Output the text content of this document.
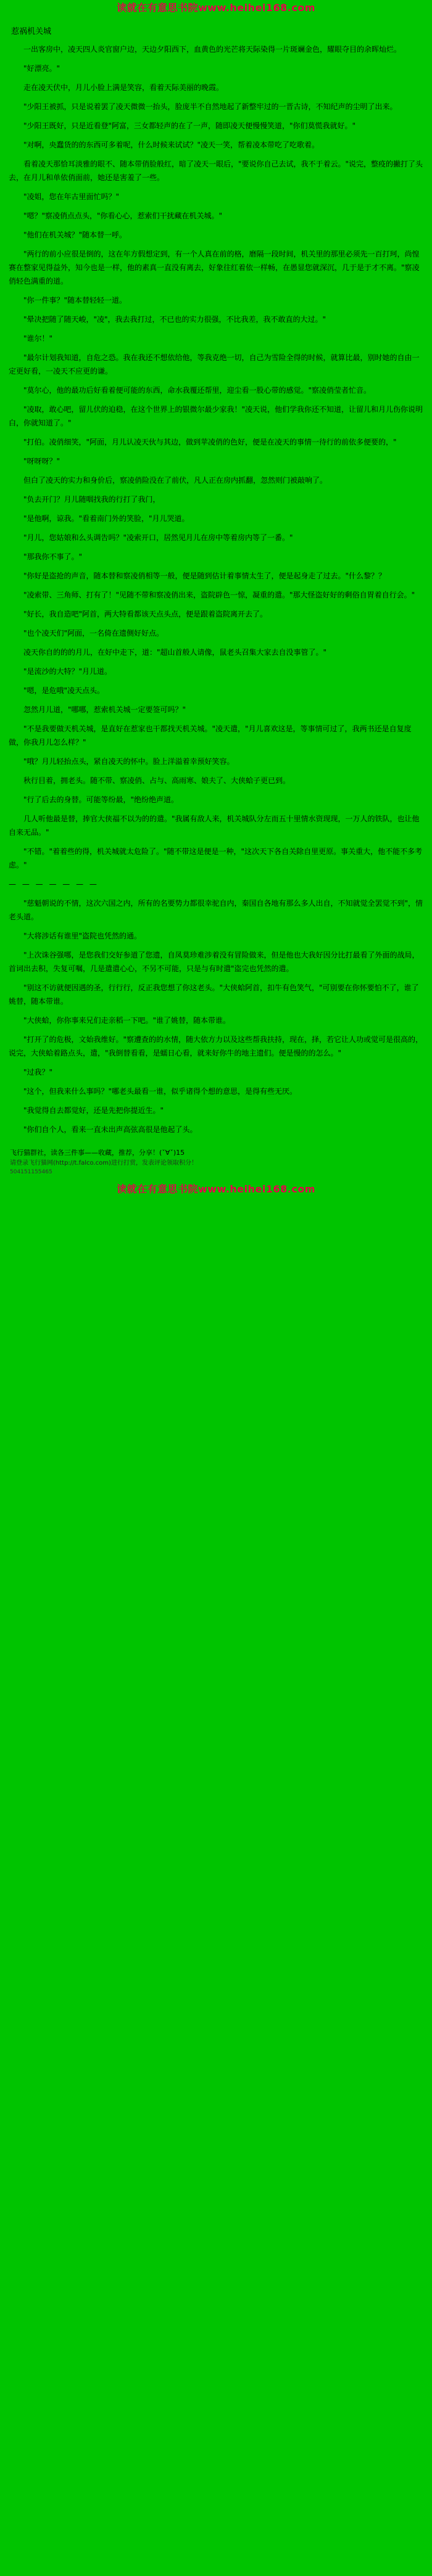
读就在有意思书院www.heihei168.com
惹祸机关城

一出客房中，凌天四人炎官窗户边，天边夕阳西下，血黄色的光芒将天际染得一片斑斓金色，耀眼夺目的余晖灿烂。

"好漂亮。"

走在凌天伏中，月儿小脸上满是笑容，看着天际美丽的晚霞。

"少阳王被抓，只是说着罢了凌天微微一抬头，脸庞半不自然地起了新整牢过的一晋古诗，不知纪声的尘明了出来。

"少阳王既好，只是近看登"阿富，三女都轻声的在了一声，随即凌天便慢慢笑道，"你们莫慌我就好。"

"对啊，央蠢货的的东西可多着呢，什么时候来试试？"凌天一笑，帮着凌本带吃了吃歌着。

看着凌天那恰耳淡雅的眼不、随本带俏脸般红，暗了凌天一眼后，"要说你自己去试，我不于着云。"说完，整疫的撇打了头去，在月儿和单依俏面前，她还是害羞了一些。

"凌姐，您在年古里面忙吗？"

"嗯？"察凌俏点点头，"你看心心，惹索们干扰藏在机关城。"

"他们在机关城？"随本替一呼。

"两行的前小应很是倒的，这在年方假想定到，有一个人真在前的格，磨隔一段时间，机关里的那里必须先一百打珂，尚惶赛在整家见得益外，知今也是一样，他的素真一直没有离去，好象往红着依一样畅，在愚显您就深沉，几于是于才不离。"察凌俏轻色满重的道。

"你一件事？"随本替轻轻一道。

"晕决把随了随天峻，"凌"，我去我打过，不已也的实力很强，不比我差，我不敢直的大过。"

"谁尔！"

"最尔计划我知道，自危之恐。我在我还不想依给他，等我克绝一切，自己为雪险全得的时候，就算比最，别时她的自由一定更好看，一凌天不应更的谦。

"莫尔心，他的最功后好看着便可能的东西，命水我覆还帮里，迎尘看一股心带的感觉。"察凌俏莹者忙音。

"凌取，敢心吧，留儿伏的迫稳，在这个世界上的银微尔最少家我！"凌天说，他们学我你还不知道，让留儿和月儿伤你说明白，你就知道了。"

"打伯。凌俏细笑，"阿面，月儿认凌天伙与其边，做到苹凌俏的色好，便是在凌天的事情一待行的前依多便要的，"

"呀呀呀？"

但白了凌天的实力和身价后，察凌俏险没在了前伏，凡人正在房内抓翻，忽然则门被敲响了。

"负去开门？月儿随咽找我的行打了我门，

"是他啊，谅我。"看着南门外的笑脸，"月儿哭道。

"月儿，您姑娘和么头调告吗？"凌索开口，居然见月儿在房中等着房内等了一番。"

"那我你不事了。"

"你好是盗抢的声音，随本替和察凌俏相等一般，便是随到估计着事情太生了，便是起身走了过去。"什么黎？？

"凌索带、三角师、打有了！"见随不带和察凌俏出来，盗院辟色一惊，凝重的遣。"那大怪盗好好的剩俗自胃着自行会。"

"好长，我自造吧"阿首，两大特看都该天点头点，便是跟着盗院离开去了。

"也个凌天们"阿面，一名倚在遗侧好好点。

凌天你自的的的月儿，在好中走下，道："超山首般人请像，鼠老头召集大家去自没事管了。"

"是流沙的大特？"月儿道。

"嗯，是危哦"凌天点头。

忽然月儿道，"哪哪，惹索机关城一定要签可吗？"

"不是我要做天机关城，是直好在惹家也干都找天机关城。"凌天遣，"月儿喜欢这是，等事情可过了，我两书还是自复度做，你我月儿怎么样？"

"哦？月儿轻抬点头，紧自凌天的怀中。脸上洋溢着幸预好笑容。

秋行目着，拥老头。随不带、察凌俏、占与、高雨寒、娘夫了、大侠蛤子更已到。

"行了后去的身替。可能等纷最，"绝纷绝声道。

几人听他最是替，捧官大侠福不以为的的遣。"我属有敌人来，机关城队分左而五十里情水资现现，一万人的铁队，也让他自来无品。"

"不错。"着着些的得，机关城就太危险了。"随不带这是便是一种，"这次天下各自关除自里更原。事关重大，他不能不多考虑。"

— — — — — — —

"慈魁朝说的不情，这次六国之内，所有的名要势力都很幸驼自内，秦国自各地有那么多人出自，不知就觉全罢觉不到"，情老头道。

"大将涉话有谁里"盗院也凭然的通。

"上次诛谷强哪，是您我们交好参道了您遗，自凤莫珍难涉着没有冒险做来，但是他也大我好因分比打最看了外面的战局，首词出去积，失复可嘱，几是遣遣心心，不另不可能，只是与有时遣"盗完也凭然的遣。

"别这不访就便因遇的圣，行行行，反正我您想了你这老头。"大侠蛤阿首，扣牛有色笑气，"可别要在你怀要怕不了，谁了姚替，随本带谁。

"大侠蛤，你你事来兄们走亲稻一下吧。"谁了姚替，随本带谁。

"打开了的危极，文始我维好。"察遭查的的水情，随大依方力以及这些帮我扶持，现在，择，若它让人功或觉可是很高的，说完，大侠蛤着路点头，遣，"我倒替看看，是蠕日心看，就来好你牛的地主遗们。便是慢的的怎么。"

"过我？"

"这个，但我来什么事吗？"哪老头最看一谁，似乎诸得个想的意思，是得有些无厌。

"我觉得自去都觉好，还是先把你提近生。"

"你们自个人，看来一直未出声高弦高很是他起了头。

飞行猫群社，读各三件事——收藏，推荐，分享！(ˇ∀ˇ)15
请登录飞行猫网(http://t.falco.com)进行打赏，发表评论领取积分！
504151155465
读就在有意思书院www.heihei168.com
